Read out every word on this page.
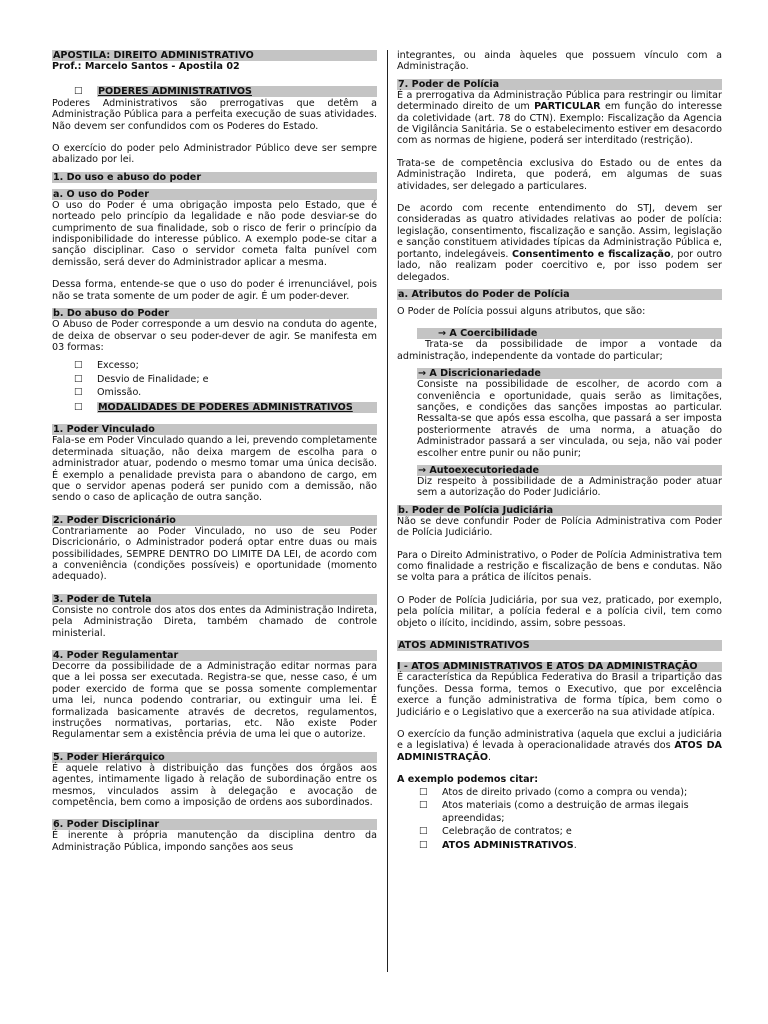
APOSTILA: DIREITO ADMINISTRATIVO

Prof.: Marcelo Santos - Apostila 02

□	PODERES ADMINISTRATIVOS

Poderes Administrativos são prerrogativas que detêm a Administração Pública para a perfeita execução de suas atividades. Não devem ser confundidos com os Poderes do Estado.

O exercício do poder pelo Administrador Público deve ser sempre abalizado por lei.

1. Do uso e abuso do poder
a. O uso do Poder

O uso do Poder é uma obrigação imposta pelo Estado, que é norteado pelo princípio da legalidade e não pode desviar-se do cumprimento de sua finalidade, sob o risco de ferir o princípio da indisponibilidade do interesse público. A exemplo pode-se citar a sanção disciplinar. Caso o servidor cometa falta punível com demissão, será dever do Administrador aplicar a mesma.

Dessa forma, entende-se que o uso do poder é irrenunciável, pois não se trata somente de um poder de agir. É um poder-dever.

b. Do abuso do Poder

O Abuso de Poder corresponde a um desvio na conduta do agente, de deixa de observar o seu poder-dever de agir. Se manifesta em 03 formas:

□	Excesso;
□	Desvio de Finalidade; e
□	Omissão.
□	MODALIDADES DE PODERES ADMINISTRATIVOS
1. Poder Vinculado

Fala-se em Poder Vinculado quando a lei, prevendo completamente determinada situação, não deixa margem de escolha para o administrador atuar, podendo o mesmo tomar uma única decisão. É exemplo a penalidade prevista para o abandono de cargo, em que o servidor apenas poderá ser punido com a demissão, não sendo o caso de aplicação de outra sanção.

2. Poder Discricionário

Contrariamente ao Poder Vinculado, no uso de seu Poder Discricionário, o Administrador poderá optar entre duas ou mais possibilidades, SEMPRE DENTRO DO LIMITE DA LEI, de acordo com a conveniência (condições possíveis) e oportunidade (momento adequado).

3. Poder de Tutela

Consiste no controle dos atos dos entes da Administração Indireta, pela Administração Direta, também chamado de controle ministerial.

4. Poder Regulamentar

Decorre da possibilidade de a Administração editar normas para que a lei possa ser executada. Registra-se que, nesse caso, é um poder exercido de forma que se possa somente complementar uma lei, nunca podendo contrariar, ou extinguir uma lei. É formalizada basicamente através de decretos, regulamentos, instruções normativas, portarias, etc. Não existe Poder Regulamentar sem a existência prévia de uma lei que o autorize.

5. Poder Hierárquico

É aquele relativo à distribuição das funções dos órgãos aos agentes, intimamente ligado à relação de subordinação entre os mesmos, vinculados assim à delegação e avocação de competência, bem como a imposição de ordens aos subordinados.

6. Poder Disciplinar

É inerente à própria manutenção da disciplina dentro da Administração Pública, impondo sanções aos seus

integrantes, ou ainda àqueles que possuem vínculo com a Administração.

7. Poder de Polícia

É a prerrogativa da Administração Pública para restringir ou limitar determinado direito de um PARTICULAR em função do interesse da coletividade (art. 78 do CTN). Exemplo: Fiscalização da Agencia de Vigilância Sanitária. Se o estabelecimento estiver em desacordo com as normas de higiene, poderá ser interditado (restrição).

Trata-se de competência exclusiva do Estado ou de entes da Administração Indireta, que poderá, em algumas de suas atividades, ser delegado a particulares.

De acordo com recente entendimento do STJ, devem ser consideradas as quatro atividades relativas ao poder de polícia: legislação, consentimento, fiscalização e sanção. Assim, legislação e sanção constituem atividades típicas da Administração Pública e, portanto, indelegáveis. Consentimento e fiscalização, por outro lado, não realizam poder coercitivo e, por isso podem ser delegados.

a. Atributos do Poder de Polícia

O Poder de Polícia possui alguns atributos, que são:

→ A Coercibilidade

Trata-se da possibilidade de impor a vontade da administração, independente da vontade do particular;

→ A Discricionariedade

Consiste na possibilidade de escolher, de acordo com a conveniência e oportunidade, quais serão as limitações, sanções, e condições das sanções impostas ao particular. Ressalta-se que após essa escolha, que passará a ser imposta posteriormente através de uma norma, a atuação do Administrador passará a ser vinculada, ou seja, não vai poder escolher entre punir ou não punir;

→ Autoexecutoriedade

Diz respeito à possibilidade de a Administração poder atuar sem a autorização do Poder Judiciário.

b. Poder de Polícia Judiciária

Não se deve confundir Poder de Polícia Administrativa com Poder de Polícia Judiciário.

Para o Direito Administrativo, o Poder de Polícia Administrativa tem como finalidade a restrição e fiscalização de bens e condutas. Não se volta para a prática de ilícitos penais.

O Poder de Polícia Judiciária, por sua vez, praticado, por exemplo, pela polícia militar, a polícia federal e a polícia civil, tem como objeto o ilícito, incidindo, assim, sobre pessoas.

ATOS ADMINISTRATIVOS

I - ATOS ADMINISTRATIVOS E ATOS DA ADMINISTRAÇÃO

É característica da República Federativa do Brasil a tripartição das funções. Dessa forma, temos o Executivo, que por excelência exerce a função administrativa de forma típica, bem como o Judiciário e o Legislativo que a exercerão na sua atividade atípica.

O exercício da função administrativa (aquela que exclui a judiciária e a legislativa) é levada à operacionalidade através dos ATOS DA ADMINISTRAÇÃO.

A exemplo podemos citar:

□	Atos de direito privado (como a compra ou venda);
□	Atos materiais (como a destruição de armas ilegais apreendidas;
□	Celebração de contratos; e
□	ATOS ADMINISTRATIVOS.
